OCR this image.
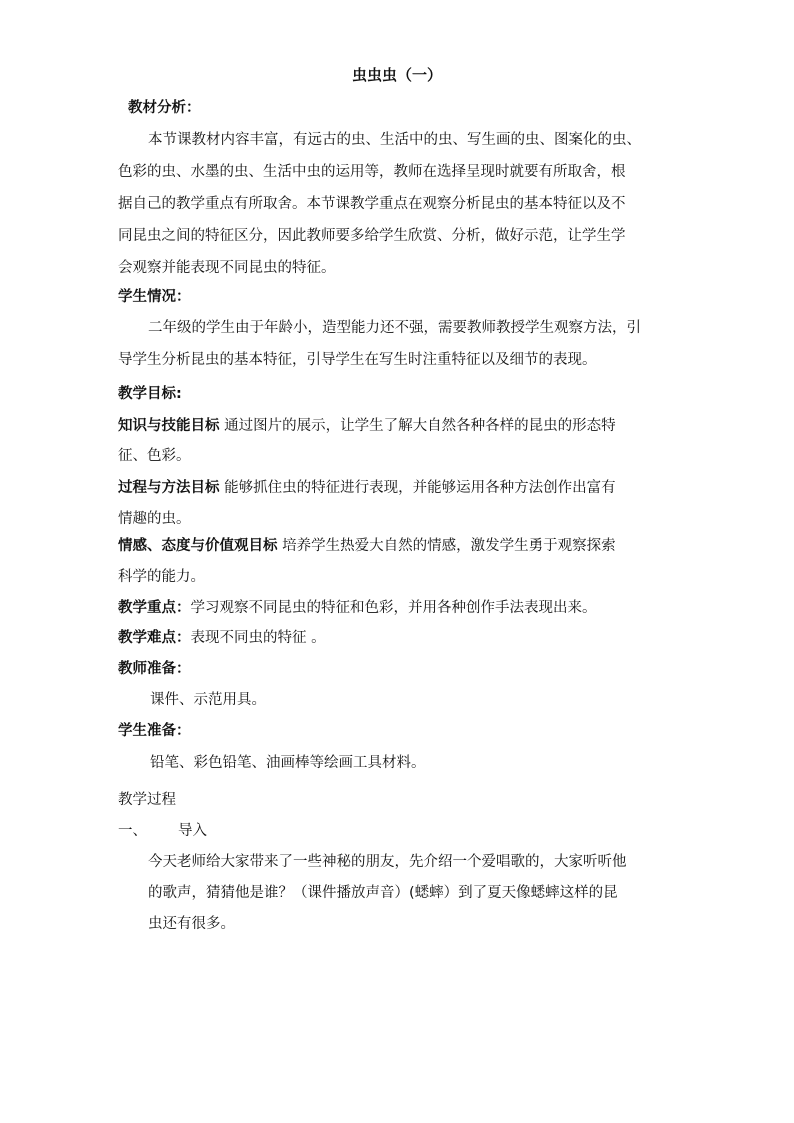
虫虫虫（一）
教材分析：
本节课教材内容丰富，有远古的虫、生活中的虫、写生画的虫、图案化的虫、
色彩的虫、水墨的虫、生活中虫的运用等，教师在选择呈现时就要有所取舍，根
据自己的教学重点有所取舍。本节课教学重点在观察分析昆虫的基本特征以及不
同昆虫之间的特征区分，因此教师要多给学生欣赏、分析，做好示范，让学生学
会观察并能表现不同昆虫的特征。
学生情况：
二年级的学生由于年龄小，造型能力还不强，需要教师教授学生观察方法，引
导学生分析昆虫的基本特征，引导学生在写生时注重特征以及细节的表现。
教学目标:
知识与技能目标 通过图片的展示，让学生了解大自然各种各样的昆虫的形态特
征、色彩。
过程与方法目标 能够抓住虫的特征进行表现，并能够运用各种方法创作出富有
情趣的虫。
情感、态度与价值观目标 培养学生热爱大自然的情感，激发学生勇于观察探索
科学的能力。
教学重点：学习观察不同昆虫的特征和色彩，并用各种创作手法表现出来。
教学难点：表现不同虫的特征 。
教师准备：
课件、示范用具。
学生准备：
铅笔、彩色铅笔、油画棒等绘画工具材料。
教学过程
一、 导入
今天老师给大家带来了一些神秘的朋友，先介绍一个爱唱歌的，大家听听他
的歌声，猜猜他是谁？（课件播放声音）(蟋蟀）到了夏天像蟋蟀这样的昆
虫还有很多。
